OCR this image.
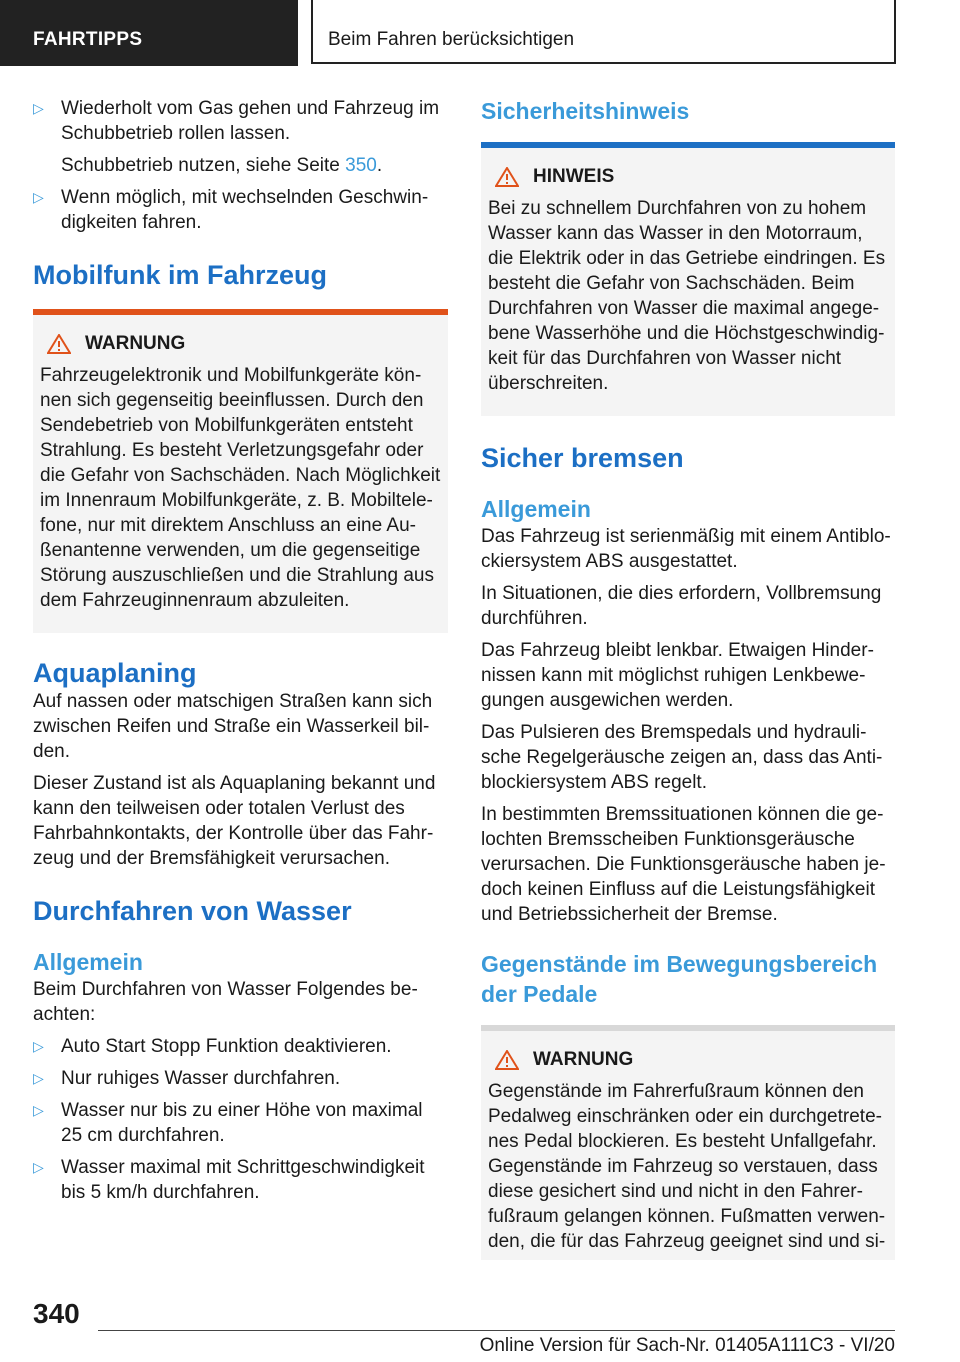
FAHRTIPPS	Beim Fahren berücksichtigen
▷ Wiederholt vom Gas gehen und Fahrzeug im Schubbetrieb rollen lassen.

Schubbetrieb nutzen, siehe Seite 350.

▷ Wenn möglich, mit wechselnden Geschwindigkeiten fahren.
Mobilfunk im Fahrzeug
WARNUNG

Fahrzeugelektronik und Mobilfunkgeräte können sich gegenseitig beeinflussen. Durch den Sendebetrieb von Mobilfunkgeräten entsteht Strahlung. Es besteht Verletzungsgefahr oder die Gefahr von Sachschäden. Nach Möglichkeit im Innenraum Mobilfunkgeräte, z. B. Mobiltelefone, nur mit direktem Anschluss an eine Außenantenne verwenden, um die gegenseitige Störung auszuschließen und die Strahlung aus dem Fahrzeuginnenraum abzuleiten.

Aquaplaning

Auf nassen oder matschigen Straßen kann sich zwischen Reifen und Straße ein Wasserkeil bilden.

Dieser Zustand ist als Aquaplaning bekannt und kann den teilweisen oder totalen Verlust des Fahrbahnkontakts, der Kontrolle über das Fahrzeug und der Bremsfähigkeit verursachen.

Durchfahren von Wasser
Allgemein

Beim Durchfahren von Wasser Folgendes beachten:

▷ Auto Start Stopp Funktion deaktivieren.
▷ Nur ruhiges Wasser durchfahren.
▷ Wasser nur bis zu einer Höhe von maximal 25 cm durchfahren.
▷ Wasser maximal mit Schrittgeschwindigkeit bis 5 km/h durchfahren.
Sicherheitshinweis
HINWEIS

Bei zu schnellem Durchfahren von zu hohem Wasser kann das Wasser in den Motorraum, die Elektrik oder in das Getriebe eindringen. Es besteht die Gefahr von Sachschäden. Beim Durchfahren von Wasser die maximal angegebene Wasserhöhe und die Höchstgeschwindigkeit für das Durchfahren von Wasser nicht überschreiten.

Sicher bremsen
Allgemein

Das Fahrzeug ist serienmäßig mit einem Antiblockiersystem ABS ausgestattet.

In Situationen, die dies erfordern, Vollbremsung durchführen.

Das Fahrzeug bleibt lenkbar. Etwaigen Hindernissen kann mit möglichst ruhigen Lenkbewegungen ausgewichen werden.

Das Pulsieren des Bremspedals und hydraulische Regelgeräusche zeigen an, dass das Antiblockiersystem ABS regelt.

In bestimmten Bremssituationen können die gelochten Bremsscheiben Funktionsgeräusche verursachen. Die Funktionsgeräusche haben jedoch keinen Einfluss auf die Leistungsfähigkeit und Betriebssicherheit der Bremse.

Gegenstände im Bewegungsbereich der Pedale
WARNUNG

Gegenstände im Fahrerfußraum können den Pedalweg einschränken oder ein durchgetretenes Pedal blockieren. Es besteht Unfallgefahr. Gegenstände im Fahrzeug so verstauen, dass diese gesichert sind und nicht in den Fahrerfußraum gelangen können. Fußmatten verwenden, die für das Fahrzeug geeignet sind und si-

340
Online Version für Sach-Nr. 01405A111C3 - VI/20
